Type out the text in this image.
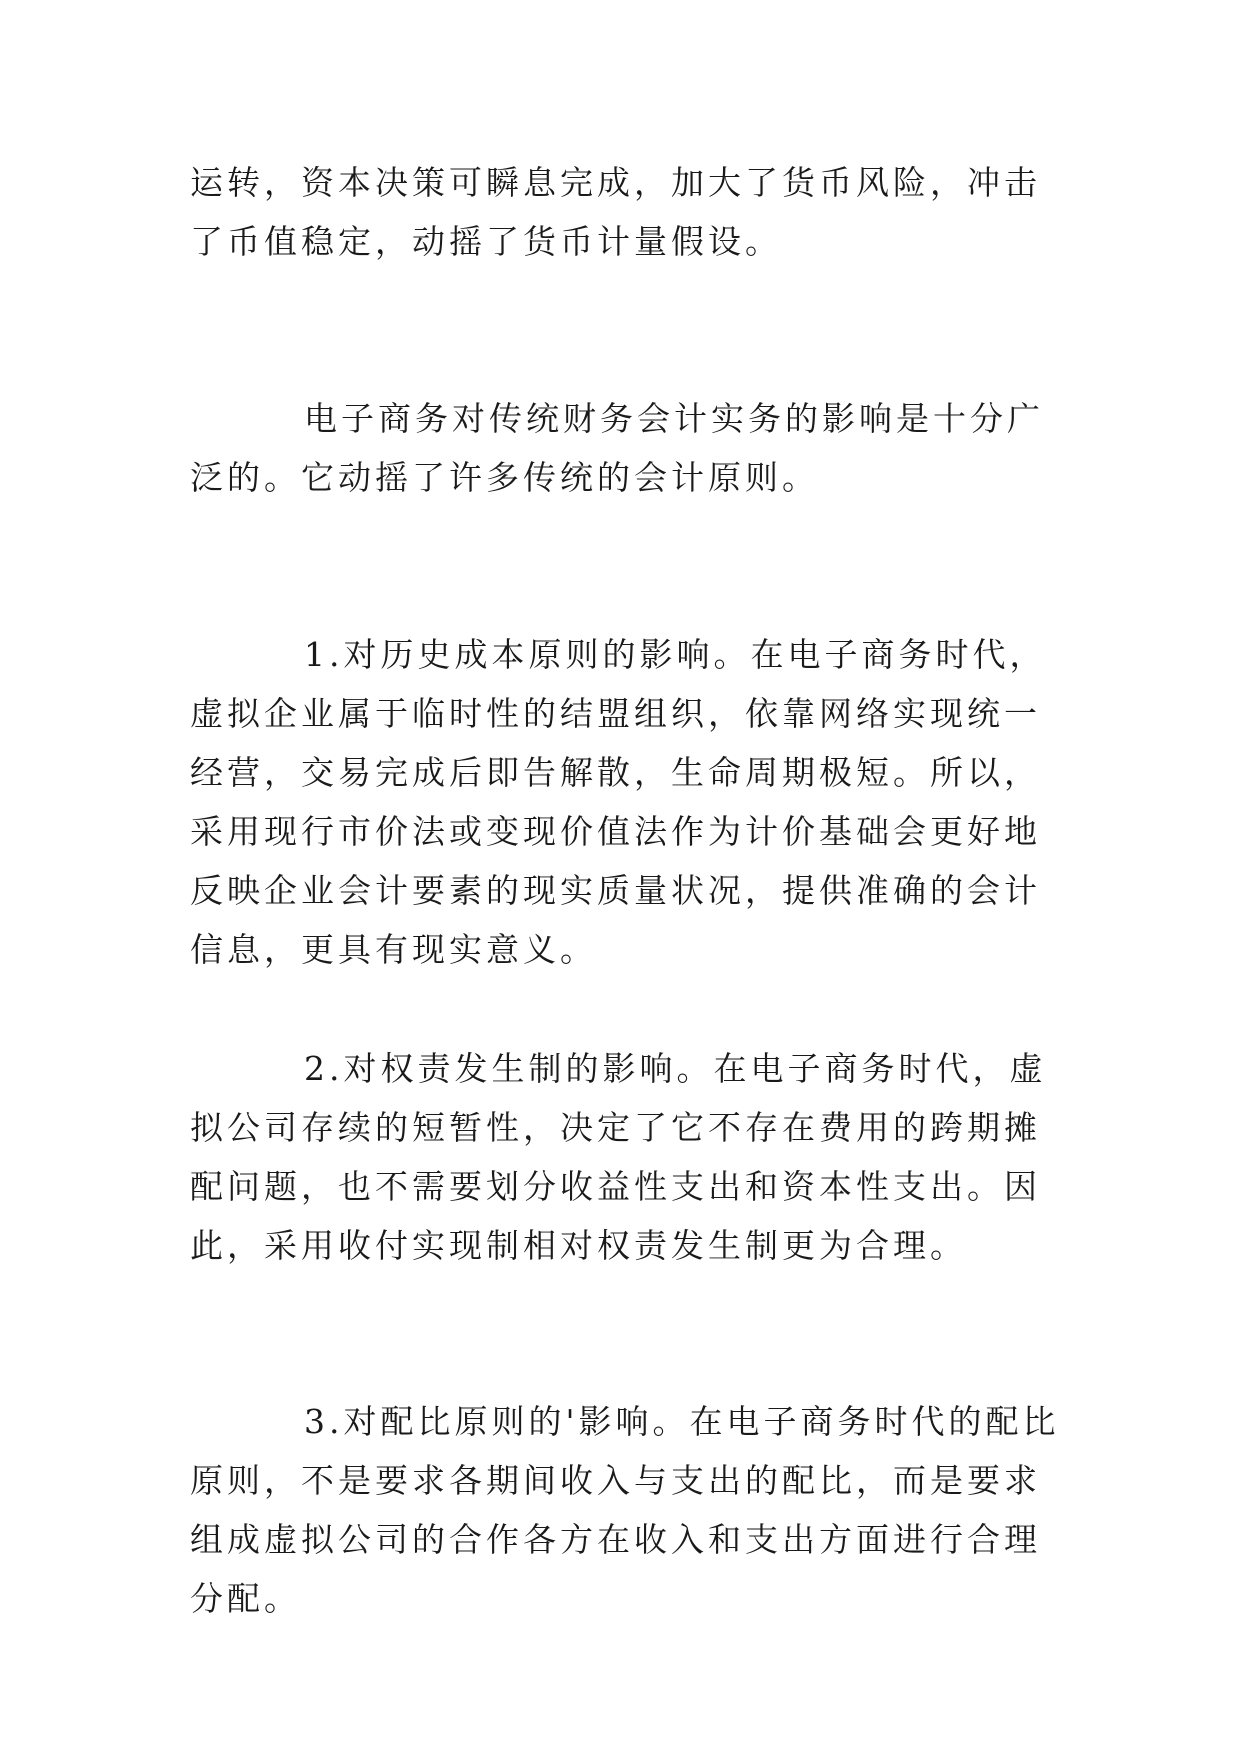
运转，资本决策可瞬息完成，加大了货币风险，冲击了币值稳定，动摇了货币计量假设。

电子商务对传统财务会计实务的影响是十分广泛的。它动摇了许多传统的会计原则。

1.对历史成本原则的影响。在电子商务时代，虚拟企业属于临时性的结盟组织，依靠网络实现统一经营，交易完成后即告解散，生命周期极短。所以，采用现行市价法或变现价值法作为计价基础会更好地反映企业会计要素的现实质量状况，提供准确的会计信息，更具有现实意义。

2.对权责发生制的影响。在电子商务时代，虚拟公司存续的短暂性，决定了它不存在费用的跨期摊配问题，也不需要划分收益性支出和资本性支出。因此，采用收付实现制相对权责发生制更为合理。

3.对配比原则的'影响。在电子商务时代的配比原则，不是要求各期间收入与支出的配比，而是要求组成虚拟公司的合作各方在收入和支出方面进行合理分配。
